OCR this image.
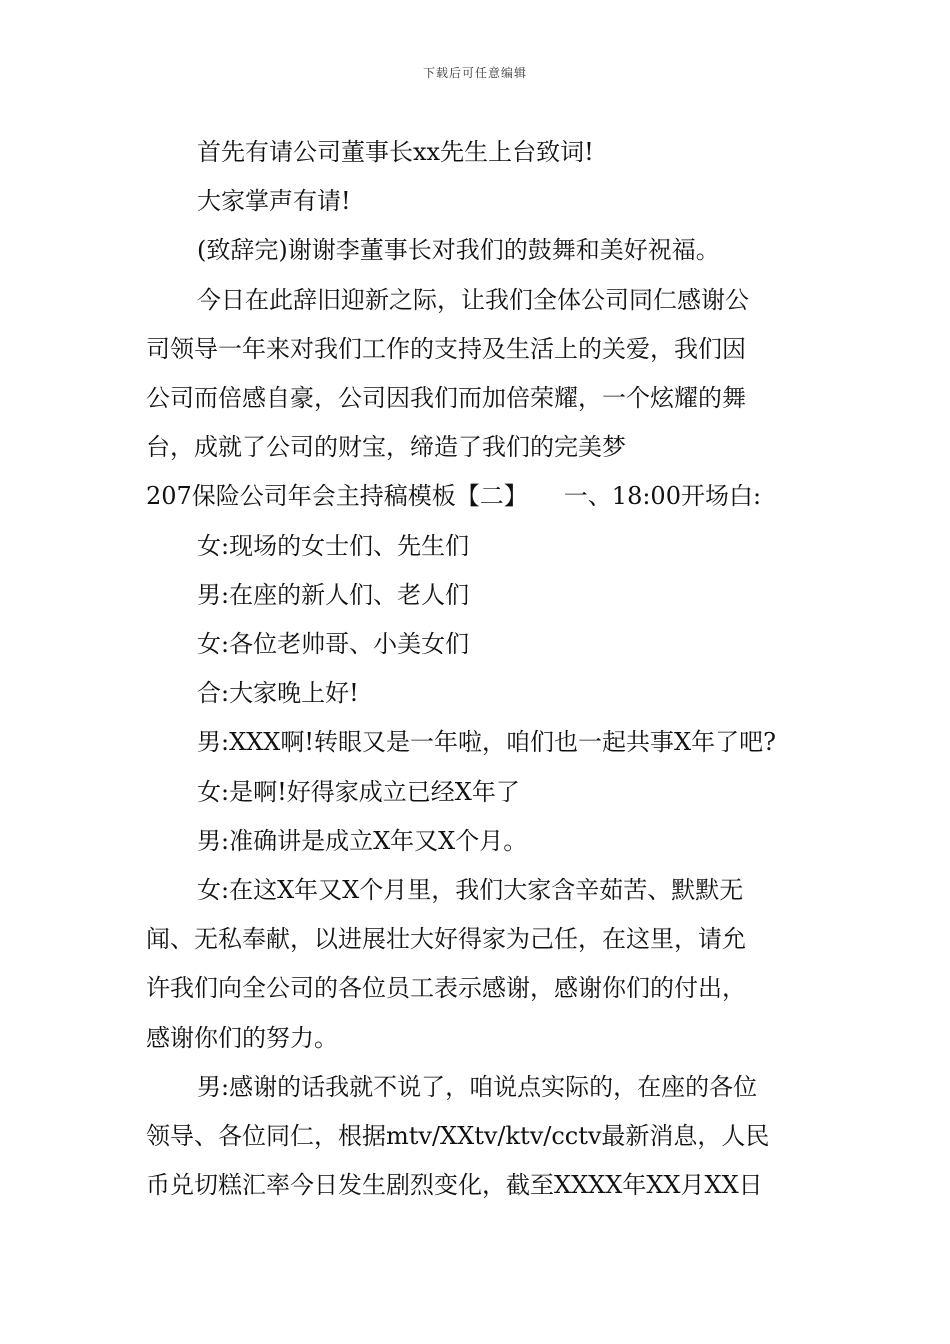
下载后可任意编辑

首先有请公司董事长xx先生上台致词!

大家掌声有请!

(致辞完)谢谢李董事长对我们的鼓舞和美好祝福。

今日在此辞旧迎新之际，让我们全体公司同仁感谢公

司领导一年来对我们工作的支持及生活上的关爱，我们因

公司而倍感自豪，公司因我们而加倍荣耀，一个炫耀的舞

台，成就了公司的财宝，缔造了我们的完美梦

207保险公司年会主持稿模板【二】　　一、18:00开场白:

女:现场的女士们、先生们

男:在座的新人们、老人们

女:各位老帅哥、小美女们

合:大家晚上好!

男:XXX啊!转眼又是一年啦，咱们也一起共事X年了吧?

女:是啊!好得家成立已经X年了

男:准确讲是成立X年又X个月。

女:在这X年又X个月里，我们大家含辛茹苦、默默无

闻、无私奉献，以进展壮大好得家为己任，在这里，请允

许我们向全公司的各位员工表示感谢，感谢你们的付出，

感谢你们的努力。

男:感谢的话我就不说了，咱说点实际的，在座的各位

领导、各位同仁，根据mtv/XXtv/ktv/cctv最新消息，人民

币兑切糕汇率今日发生剧烈变化，截至XXXX年XX月XX日
